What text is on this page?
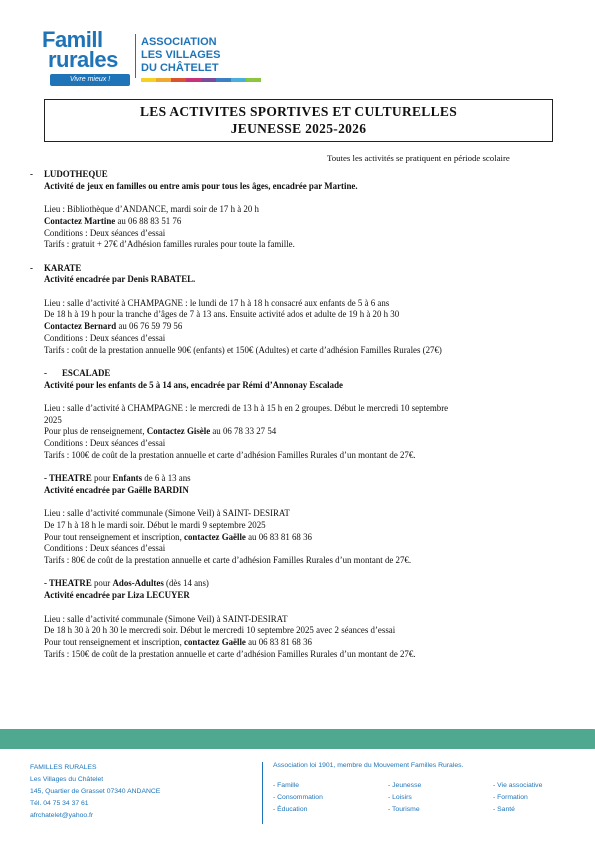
Famill
rurales
Vivre mieux !
ASSOCIATION
LES VILLAGES
DU CHÂTELET
LES ACTIVITES SPORTIVES ET CULTURELLES
JEUNESSE 2025-2026
Toutes les activités se pratiquent en période scolaire

-	LUDOTHEQUE

Activité de jeux en familles ou entre amis pour tous les âges, encadrée par Martine.

Lieu : Bibliothèque d’ANDANCE, mardi soir de 17 h à 20 h

Contactez Martine au 06 88 83 51 76

Conditions : Deux séances d’essai

Tarifs : gratuit + 27€ d’Adhésion familles rurales pour toute la famille.

-	KARATE

Activité encadrée par Denis RABATEL.

Lieu : salle d’activité à CHAMPAGNE : le lundi de 17 h à 18 h consacré aux enfants de 5 à 6 ans

De 18 h à 19 h pour la tranche d’âges de 7 à 13 ans. Ensuite activité ados et adulte de 19 h à 20 h 30

Contactez Bernard au 06 76 59 79 56

Conditions : Deux séances d’essai

Tarifs : coût de la prestation annuelle 90€ (enfants) et 150€ (Adultes) et carte d’adhésion Familles Rurales (27€)

-	ESCALADE

Activité pour les enfants de 5 à 14 ans, encadrée par Rémi d’Annonay Escalade

Lieu : salle d’activité à CHAMPAGNE : le mercredi de 13 h à 15 h en 2 groupes. Début le mercredi 10 septembre

2025

Pour plus de renseignement, Contactez Gisèle au 06 78 33 27 54

Conditions : Deux séances d’essai

Tarifs : 100€ de coût de la prestation annuelle et carte d’adhésion Familles Rurales d’un montant de 27€.

- THEATRE pour Enfants de 6 à 13 ans

Activité encadrée par Gaëlle BARDIN

Lieu : salle d’activité communale (Simone Veil) à SAINT- DESIRAT

De 17 h à 18 h le mardi soir. Début le mardi 9 septembre 2025

Pour tout renseignement et inscription, contactez Gaëlle au 06 83 81 68 36

Conditions : Deux séances d’essai

Tarifs : 80€ de coût de la prestation annuelle et carte d’adhésion Familles Rurales d’un montant de 27€.

- THEATRE pour Ados-Adultes (dès 14 ans)

Activité encadrée par Liza LECUYER

Lieu : salle d’activité communale (Simone Veil) à SAINT-DESIRAT

De 18 h 30 à 20 h 30 le mercredi soir. Début le mercredi 10 septembre 2025 avec 2 séances d’essai

Pour tout renseignement et inscription, contactez Gaëlle au 06 83 81 68 36

Tarifs : 150€ de coût de la prestation annuelle et carte d’adhésion Familles Rurales d’un montant de 27€.

FAMILLES RURALES

Les Villages du Châtelet

145, Quartier de Grasset 07340 ANDANCE

Tél. 04 75 34 37 61

afrchatelet@yahoo.fr

Association loi 1901, membre du Mouvement Familles Rurales.
- Famille	- Jeunesse	- Vie associative
- Consommation	- Loisirs	- Formation
- Éducation	- Tourisme	- Santé
